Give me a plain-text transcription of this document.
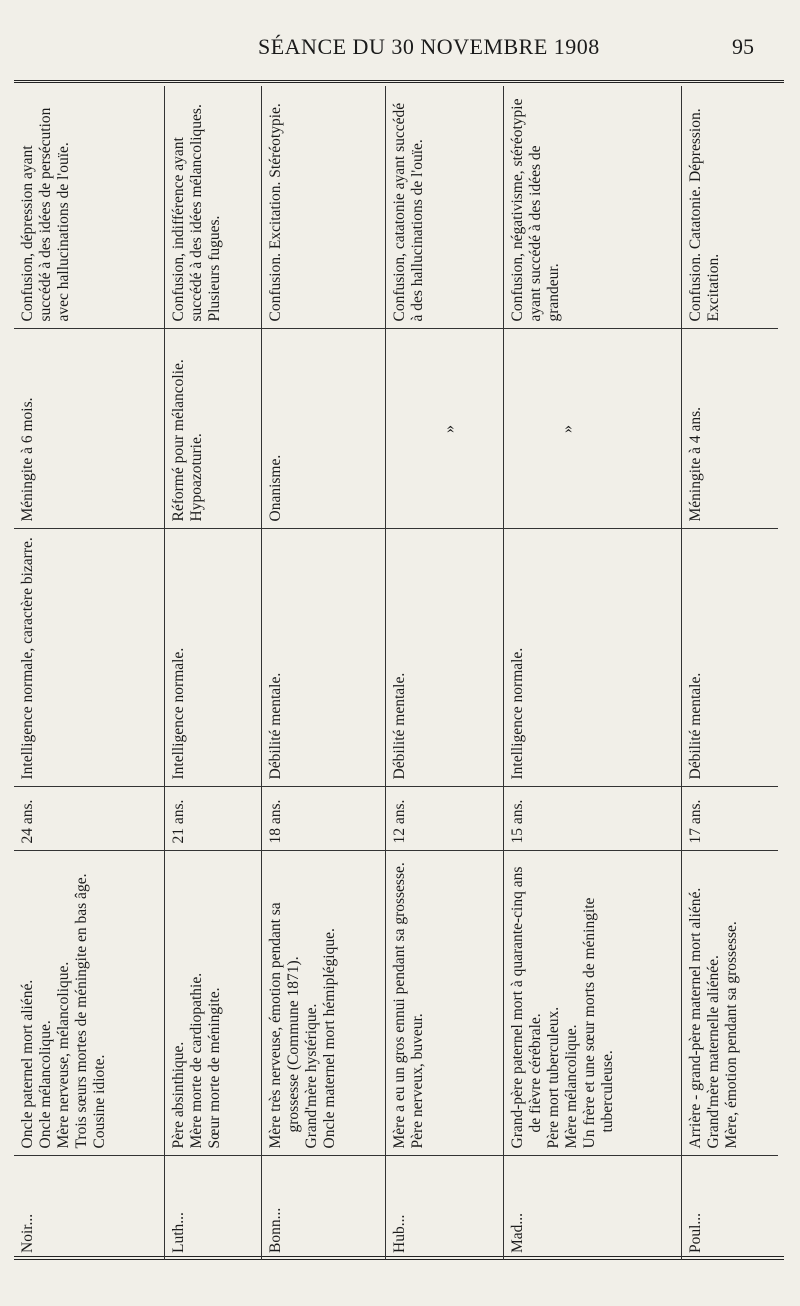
SÉANCE DU 30 NOVEMBRE 1908	95
Noir...	Oncle paternel mort aliéné. Oncle mélancolique. Mère nerveuse, mélancolique. Trois sœurs mortes de méningite en bas âge. Cousine idiote.	24 ans.	Intelligence normale, caractère bizarre.	Méningite à 6 mois.	Confusion, dépression ayant succédé à des idées de persécution avec hallucinations de l'ouïe.
Luth...	Père absinthique. Mère morte de cardiopathie. Sœur morte de méningite.	21 ans.	Intelligence normale.	Réformé pour mélancolie. Hypoazoturie.	Confusion, indifférence ayant succédé à des idées mélancoliques. Plusieurs fugues.
Bonn...	Mère très nerveuse, émotion pendant sa grossesse (Commune 1871). Grand'mère hystérique. Oncle maternel mort hémiplégique.	18 ans.	Débilité mentale.	Onanisme.	Confusion. Excitation. Stéréotypie.
Hub...	Mère a eu un gros ennui pendant sa grossesse. Père nerveux, buveur.	12 ans.	Débilité mentale.	»	Confusion, catatonie ayant succédé à des hallucinations de l'ouïe.
Mad...	Grand-père paternel mort à quarante-cinq ans de fièvre cérébrale. Père mort tuberculeux. Mère mélancolique. Un frère et une sœur morts de méningite tuberculeuse.	15 ans.	Intelligence normale.	»	Confusion, négativisme, stéréotypie ayant succédé à des idées de grandeur.
Poul...	Arrière - grand-père maternel mort aliéné. Grand'mère maternelle aliénée. Mère, émotion pendant sa grossesse.	17 ans.	Débilité mentale.	Méningite à 4 ans.	Confusion. Catatonie. Dépression. Excitation.
